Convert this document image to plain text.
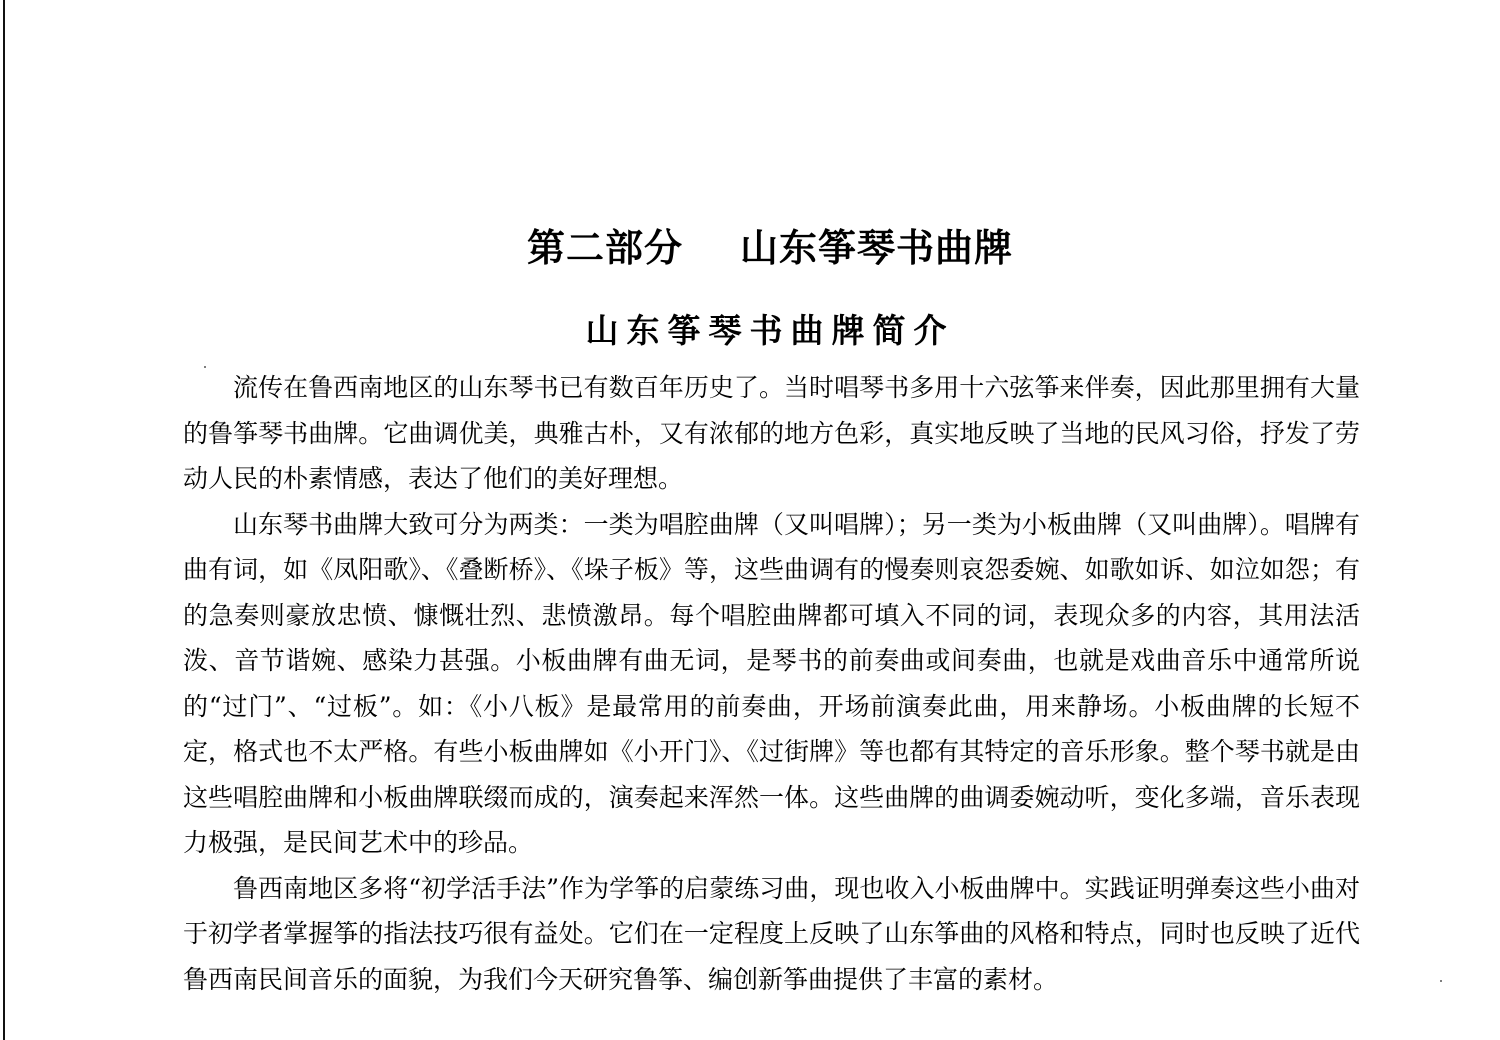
第二部分    山东筝琴书曲牌
山东筝琴书曲牌简介

流传在鲁西南地区的山东琴书已有数百年历史了。当时唱琴书多用十六弦筝来伴奏，因此那里拥有大量的鲁筝琴书曲牌。它曲调优美，典雅古朴，又有浓郁的地方色彩，真实地反映了当地的民风习俗，抒发了劳动人民的朴素情感，表达了他们的美好理想。

山东琴书曲牌大致可分为两类：一类为唱腔曲牌（又叫唱牌）；另一类为小板曲牌（又叫曲牌）。唱牌有曲有词，如《凤阳歌》、《叠断桥》、《垛子板》等，这些曲调有的慢奏则哀怨委婉、如歌如诉、如泣如怨；有的急奏则豪放忠愤、慷慨壮烈、悲愤激昂。每个唱腔曲牌都可填入不同的词，表现众多的内容，其用法活泼、音节谐婉、感染力甚强。小板曲牌有曲无词，是琴书的前奏曲或间奏曲，也就是戏曲音乐中通常所说的“过门”、“过板”。如：《小八板》是最常用的前奏曲，开场前演奏此曲，用来静场。小板曲牌的长短不定，格式也不太严格。有些小板曲牌如《小开门》、《过街牌》等也都有其特定的音乐形象。整个琴书就是由这些唱腔曲牌和小板曲牌联缀而成的，演奏起来浑然一体。这些曲牌的曲调委婉动听，变化多端，音乐表现力极强，是民间艺术中的珍品。

鲁西南地区多将“初学活手法”作为学筝的启蒙练习曲，现也收入小板曲牌中。实践证明弹奏这些小曲对于初学者掌握筝的指法技巧很有益处。它们在一定程度上反映了山东筝曲的风格和特点，同时也反映了近代鲁西南民间音乐的面貌，为我们今天研究鲁筝、编创新筝曲提供了丰富的素材。
